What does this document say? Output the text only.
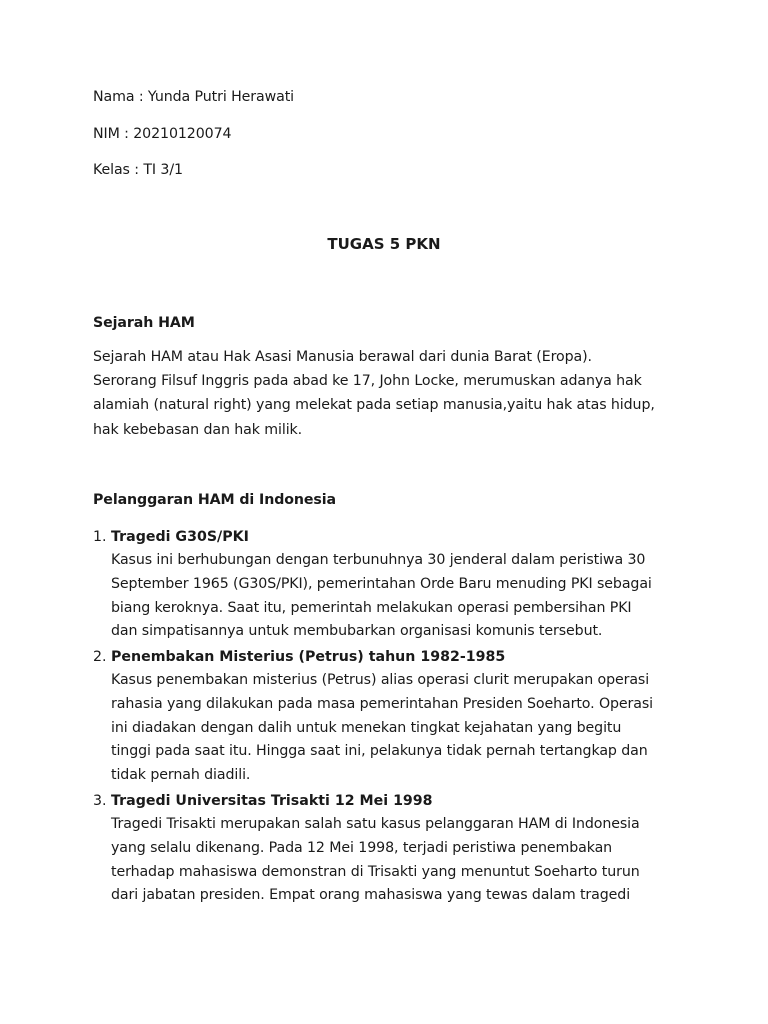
Nama : Yunda Putri Herawati
NIM : 20210120074
Kelas : TI 3/1
TUGAS 5 PKN
Sejarah HAM

Sejarah HAM atau Hak Asasi Manusia berawal dari dunia Barat (Eropa).

Serorang Filsuf Inggris pada abad ke 17, John Locke, merumuskan adanya hak

alamiah (natural right) yang melekat pada setiap manusia,yaitu hak atas hidup,

hak kebebasan dan hak milik.

Pelanggaran HAM di Indonesia
1. Tragedi G30S/PKI

Kasus ini berhubungan dengan terbunuhnya 30 jenderal dalam peristiwa 30

September 1965 (G30S/PKI), pemerintahan Orde Baru menuding PKI sebagai

biang keroknya. Saat itu, pemerintah melakukan operasi pembersihan PKI

dan simpatisannya untuk membubarkan organisasi komunis tersebut.

2. Penembakan Misterius (Petrus) tahun 1982-1985

Kasus penembakan misterius (Petrus) alias operasi clurit merupakan operasi

rahasia yang dilakukan pada masa pemerintahan Presiden Soeharto. Operasi

ini diadakan dengan dalih untuk menekan tingkat kejahatan yang begitu

tinggi pada saat itu. Hingga saat ini, pelakunya tidak pernah tertangkap dan

tidak pernah diadili.

3. Tragedi Universitas Trisakti 12 Mei 1998

Tragedi Trisakti merupakan salah satu kasus pelanggaran HAM di Indonesia

yang selalu dikenang. Pada 12 Mei 1998, terjadi peristiwa penembakan

terhadap mahasiswa demonstran di Trisakti yang menuntut Soeharto turun

dari jabatan presiden. Empat orang mahasiswa yang tewas dalam tragedi
